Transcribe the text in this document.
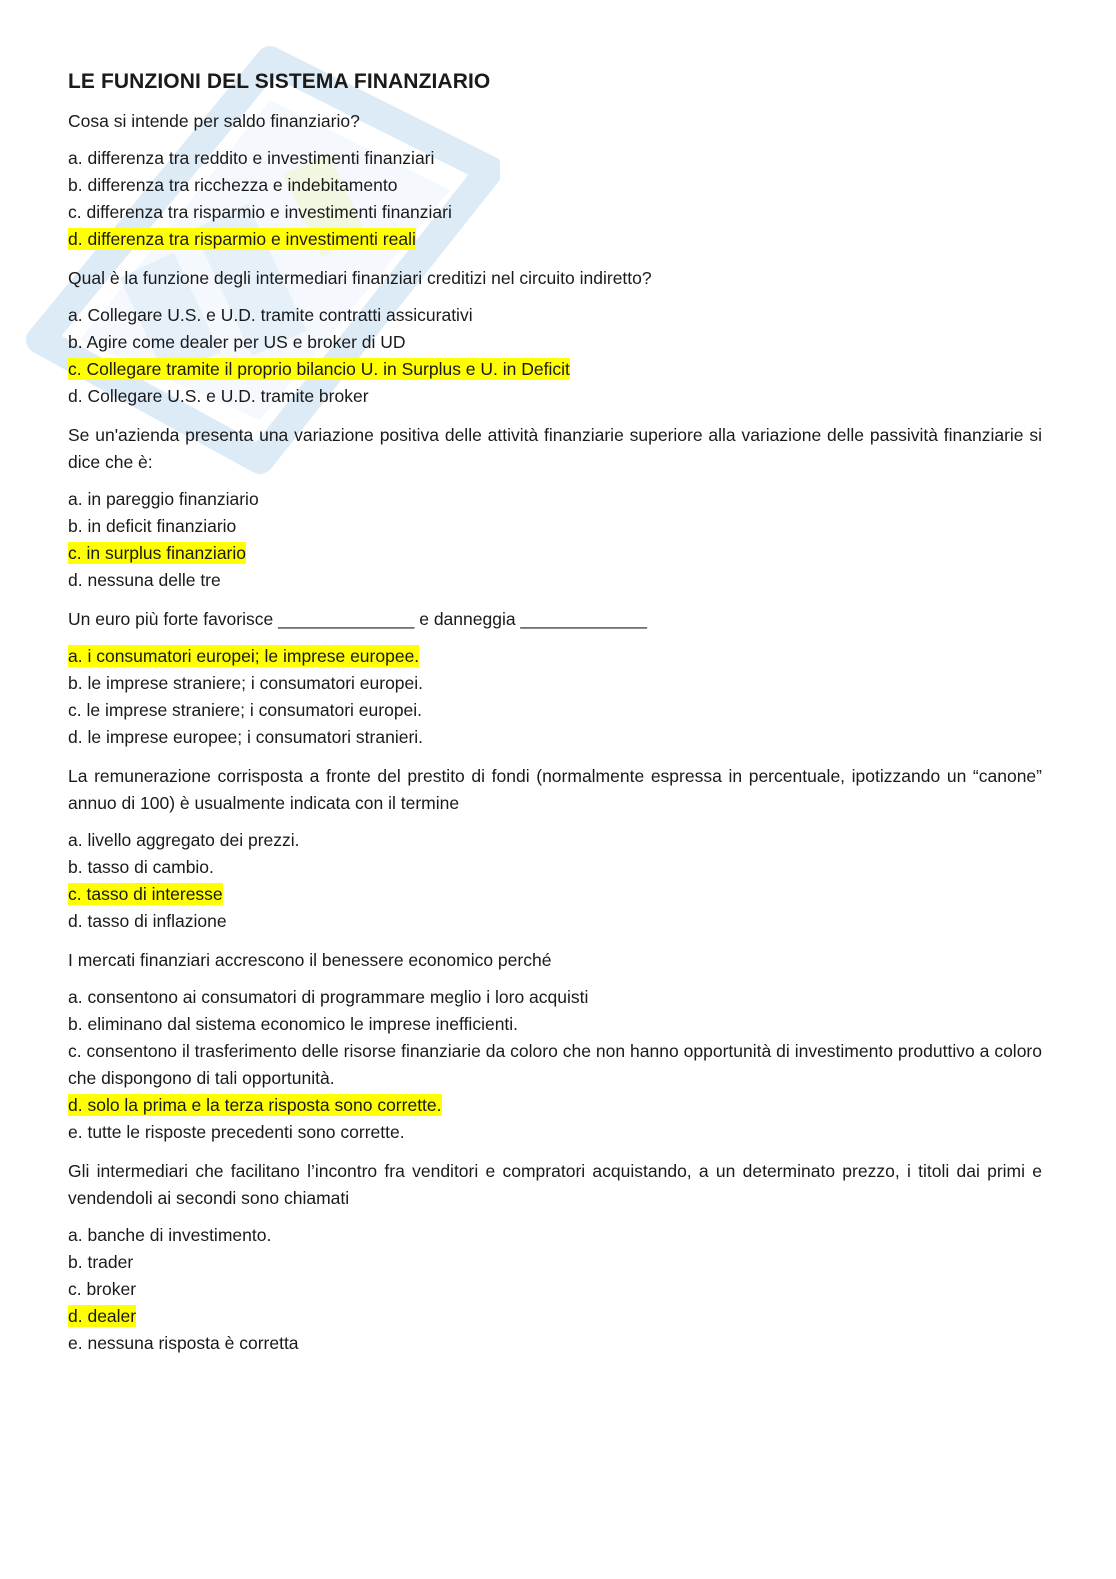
LE FUNZIONI DEL SISTEMA FINANZIARIO

Cosa si intende per saldo finanziario?

a. differenza tra reddito e investimenti finanziari
b. differenza tra ricchezza e indebitamento
c. differenza tra risparmio e investimenti finanziari
d. differenza tra risparmio e investimenti reali

Qual è la funzione degli intermediari finanziari creditizi nel circuito indiretto?

a. Collegare U.S. e U.D. tramite contratti assicurativi
b. Agire come dealer per US e broker di UD
c. Collegare tramite il proprio bilancio U. in Surplus e U. in Deficit
d. Collegare U.S. e U.D. tramite broker

Se un'azienda presenta una variazione positiva delle attività finanziarie superiore alla variazione delle passività finanziarie si dice che è:

a. in pareggio finanziario
b. in deficit finanziario
c. in surplus finanziario
d. nessuna delle tre

Un euro più forte favorisce ______________ e danneggia _____________

a. i consumatori europei; le imprese europee.
b. le imprese straniere; i consumatori europei.
c. le imprese straniere; i consumatori europei.
d. le imprese europee; i consumatori stranieri.

La remunerazione corrisposta a fronte del prestito di fondi (normalmente espressa in percentuale, ipotizzando un “canone” annuo di 100) è usualmente indicata con il termine

a. livello aggregato dei prezzi.
b. tasso di cambio.
c. tasso di interesse
d. tasso di inflazione

I mercati finanziari accrescono il benessere economico perché

a. consentono ai consumatori di programmare meglio i loro acquisti
b. eliminano dal sistema economico le imprese inefficienti.
c. consentono il trasferimento delle risorse finanziarie da coloro che non hanno opportunità di investimento produttivo a coloro che dispongono di tali opportunità.
d. solo la prima e la terza risposta sono corrette.
e. tutte le risposte precedenti sono corrette.

Gli intermediari che facilitano l’incontro fra venditori e compratori acquistando, a un determinato prezzo, i titoli dai primi e vendendoli ai secondi sono chiamati

a. banche di investimento.
b. trader
c. broker
d. dealer
e. nessuna risposta è corretta
